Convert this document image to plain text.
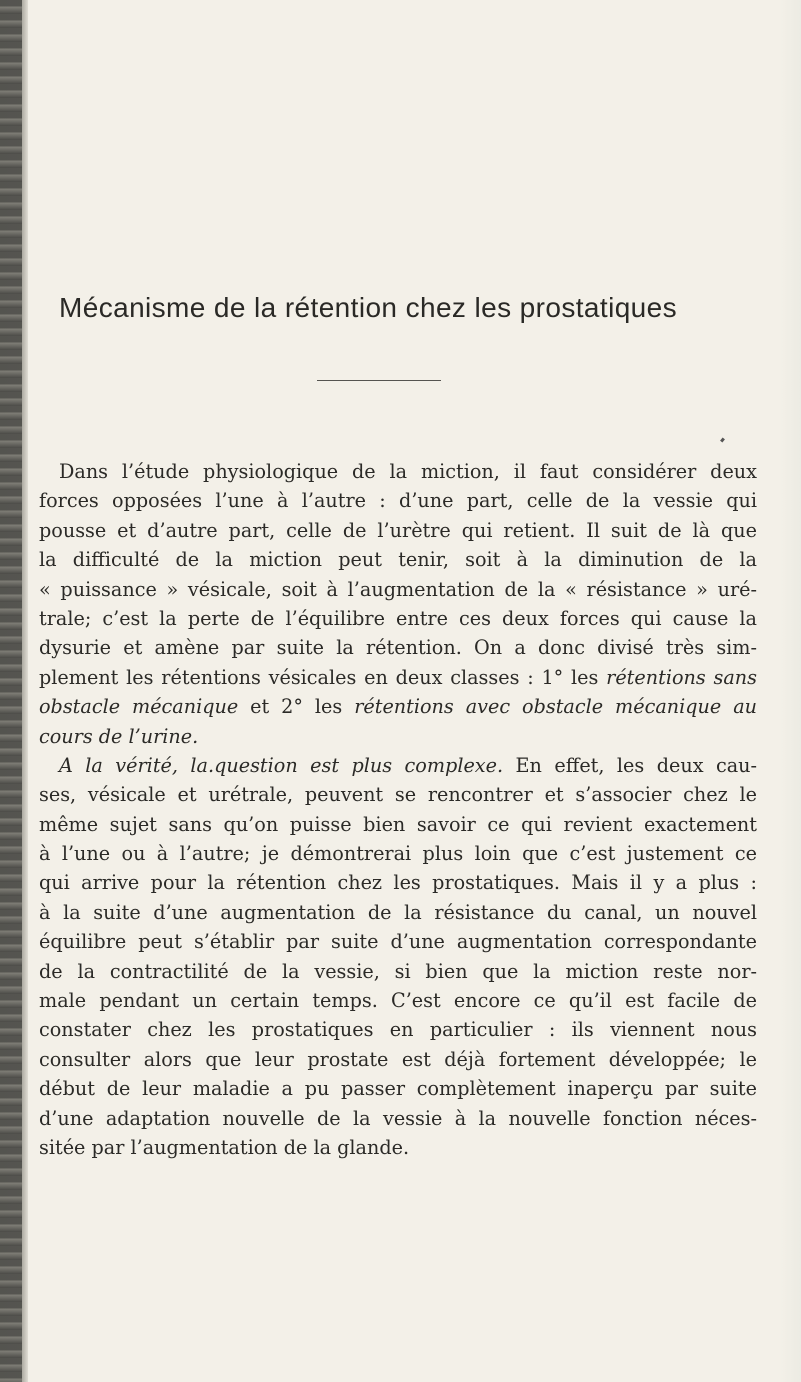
Mécanisme de la rétention chez les prostatiques
Dans l’étude physiologique de la miction, il faut considérer deux
forces opposées l’une à l’autre : d’une part, celle de la vessie qui
pousse et d’autre part, celle de l’urètre qui retient. Il suit de là que
la difficulté de la miction peut tenir, soit à la diminution de la
« puissance » vésicale, soit à l’augmentation de la « résistance » uré-
trale; c’est la perte de l’équilibre entre ces deux forces qui cause la
dysurie et amène par suite la rétention. On a donc divisé très sim-
plement les rétentions vésicales en deux classes : 1° les rétentions sans
obstacle mécanique et 2° les rétentions avec obstacle mécanique au
cours de l’urine.
A la vérité, la.question est plus complexe. En effet, les deux cau-
ses, vésicale et urétrale, peuvent se rencontrer et s’associer chez le
même sujet sans qu’on puisse bien savoir ce qui revient exactement
à l’une ou à l’autre; je démontrerai plus loin que c’est justement ce
qui arrive pour la rétention chez les prostatiques. Mais il y a plus :
à la suite d’une augmentation de la résistance du canal, un nouvel
équilibre peut s’établir par suite d’une augmentation correspondante
de la contractilité de la vessie, si bien que la miction reste nor-
male pendant un certain temps. C’est encore ce qu’il est facile de
constater chez les prostatiques en particulier : ils viennent nous
consulter alors que leur prostate est déjà fortement développée; le
début de leur maladie a pu passer complètement inaperçu par suite
d’une adaptation nouvelle de la vessie à la nouvelle fonction néces-
sitée par l’augmentation de la glande.
